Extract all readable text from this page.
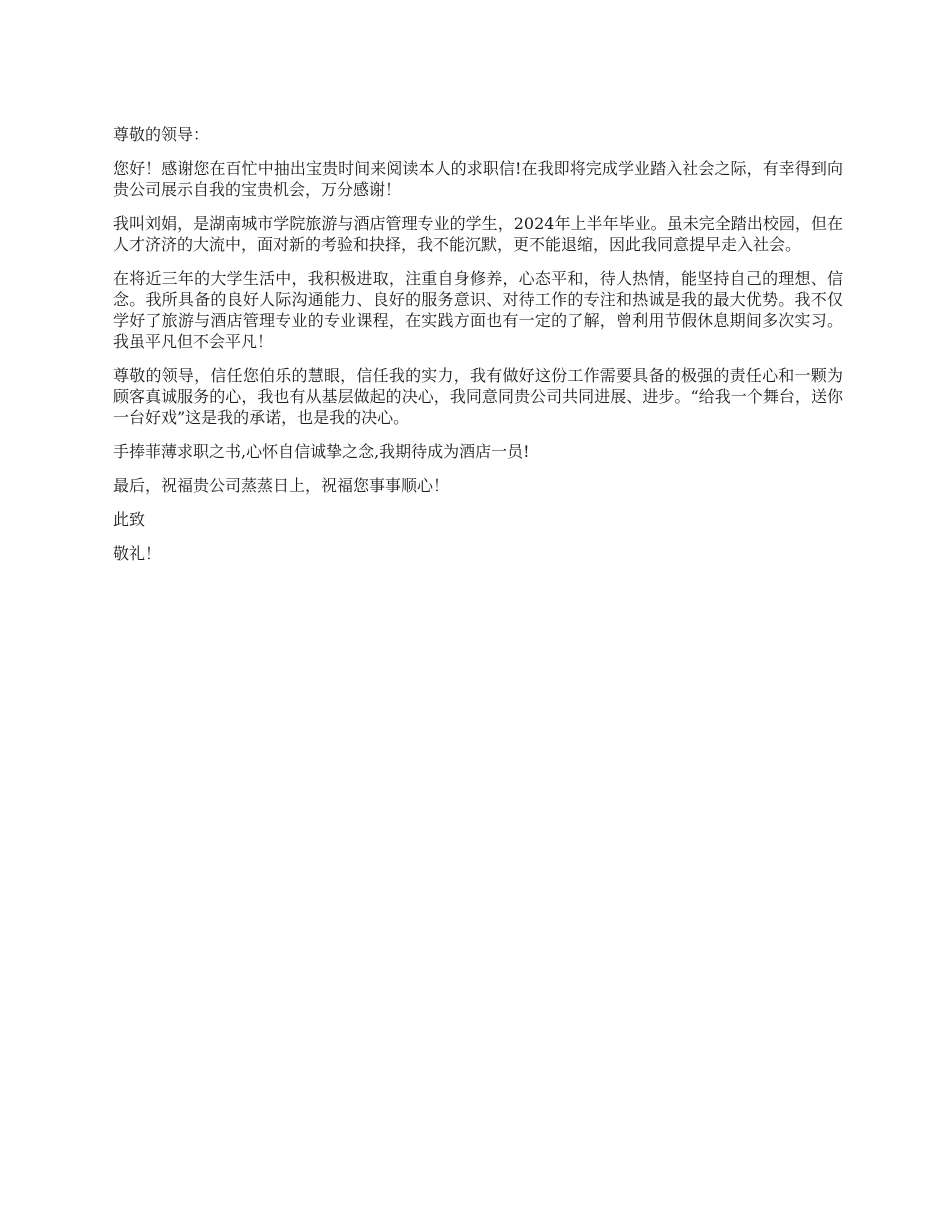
尊敬的领导：

您好！感谢您在百忙中抽出宝贵时间来阅读本人的求职信!在我即将完成学业踏入社会之际，有幸得到向贵公司展示自我的宝贵机会，万分感谢！

我叫刘娟，是湖南城市学院旅游与酒店管理专业的学生，2024年上半年毕业。虽未完全踏出校园，但在人才济济的大流中，面对新的考验和抉择，我不能沉默，更不能退缩，因此我同意提早走入社会。

在将近三年的大学生活中，我积极进取，注重自身修养，心态平和，待人热情，能坚持自己的理想、信念。我所具备的良好人际沟通能力、良好的服务意识、对待工作的专注和热诚是我的最大优势。我不仅学好了旅游与酒店管理专业的专业课程，在实践方面也有一定的了解，曾利用节假休息期间多次实习。我虽平凡但不会平凡！

尊敬的领导，信任您伯乐的慧眼，信任我的实力，我有做好这份工作需要具备的极强的责任心和一颗为顾客真诚服务的心，我也有从基层做起的决心，我同意同贵公司共同进展、进步。“给我一个舞台，送你一台好戏”这是我的承诺，也是我的决心。

手捧菲薄求职之书,心怀自信诚挚之念,我期待成为酒店一员!

最后，祝福贵公司蒸蒸日上，祝福您事事顺心！

此致

敬礼！
